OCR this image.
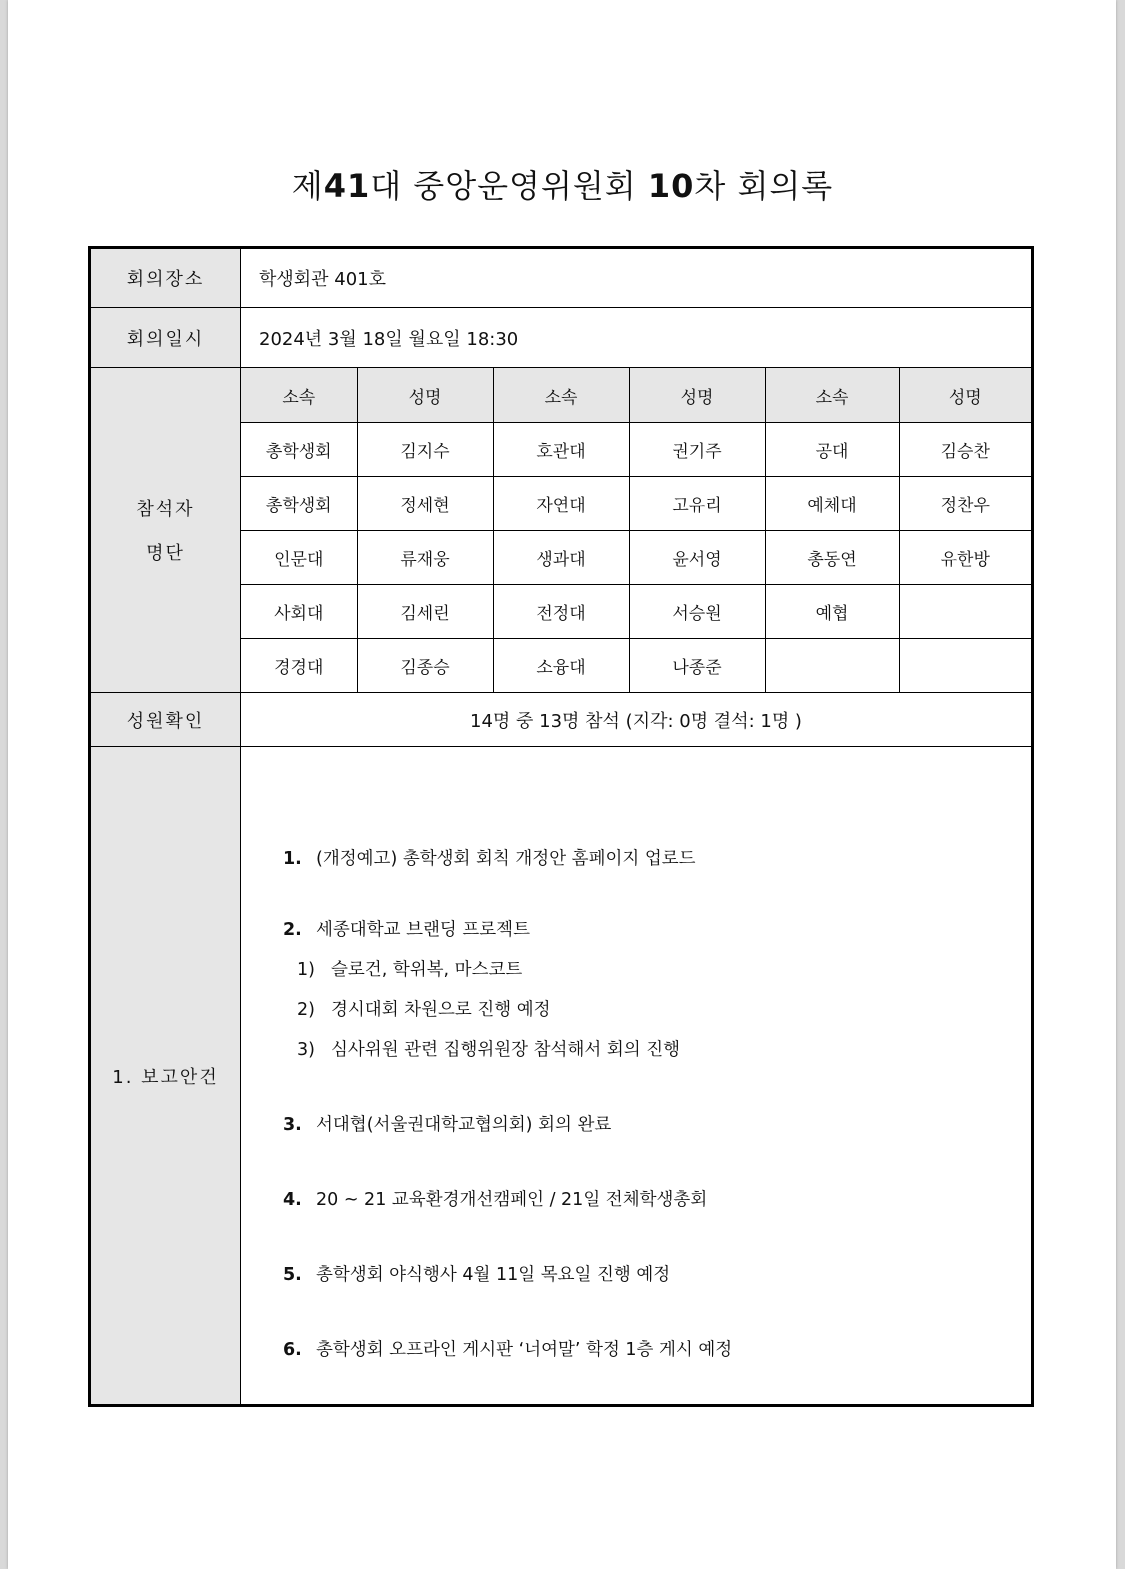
제41대 중앙운영위원회 10차 회의록
회의장소	학생회관 401호
회의일시	2024년 3월 18일 월요일 18:30

참석자
명단

소속	성명	소속	성명	소속	성명
총학생회	김지수	호관대	권기주	공대	김승찬
총학생회	정세현	자연대	고유리	예체대	정찬우
인문대	류재웅	생과대	윤서영	총동연	유한방
사회대	김세린	전정대	서승원	예협	
경경대	김종승	소융대	나종준		

성원확인	14명 중 13명 참석 (지각: 0명 결석: 1명 )
1. 보고안건	
1. (개정예고) 총학생회 회칙 개정안 홈페이지 업로드
2. 세종대학교 브랜딩 프로젝트
1) 슬로건, 학위복, 마스코트
2) 경시대회 차원으로 진행 예정
3) 심사위원 관련 집행위원장 참석해서 회의 진행
3. 서대협(서울권대학교협의회) 회의 완료
4. 20 ~ 21 교육환경개선캠페인 / 21일 전체학생총회
5. 총학생회 야식행사 4월 11일 목요일 진행 예정
6. 총학생회 오프라인 게시판 ‘너여말’ 학정 1층 게시 예정
